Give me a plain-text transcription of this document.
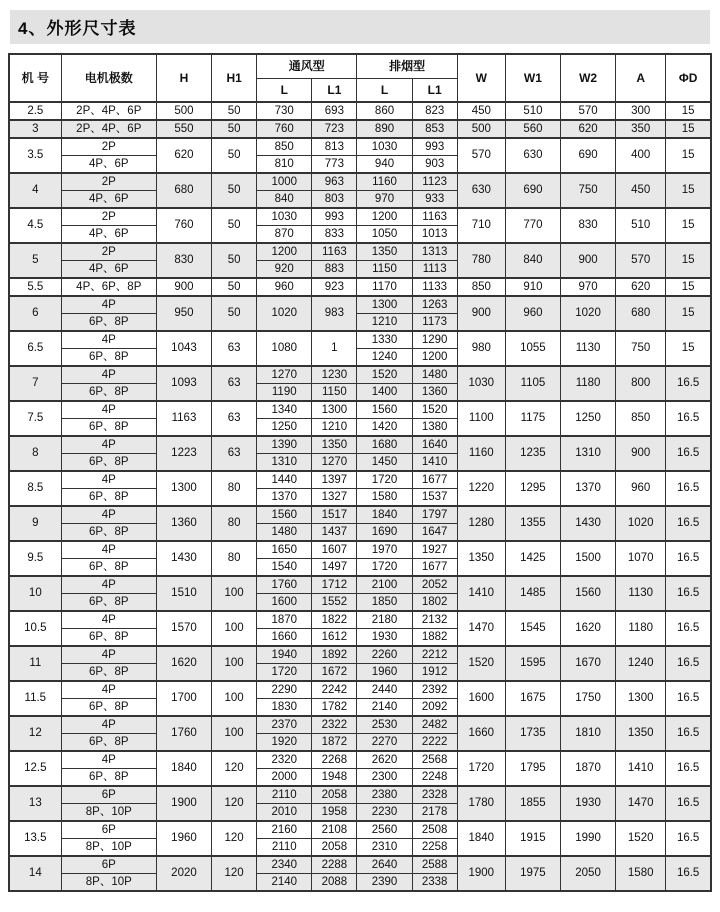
4、外形尺寸表
机 号	电机极数	H	H1	通风型		排烟型		W	W1	W2	A	ΦD
				L	L1	L	L1					
2.5	2P、4P、6P	500	50	730	693	860	823	450	510	570	300	15
3	2P、4P、6P	550	50	760	723	890	853	500	560	620	350	15
3.5	2P	620	50	850	813	1030	993	570	630	690	400	15
	4P、6P			810	773	940	903					
4	2P	680	50	1000	963	1160	1123	630	690	750	450	15
	4P、6P			840	803	970	933					
4.5	2P	760	50	1030	993	1200	1163	710	770	830	510	15
	4P、6P			870	833	1050	1013					
5	2P	830	50	1200	1163	1350	1313	780	840	900	570	15
	4P、6P			920	883	1150	1113					
5.5	4P、6P、8P	900	50	960	923	1170	1133	850	910	970	620	15
6	4P	950	50	1020	983	1300	1263	900	960	1020	680	15
	6P、8P					1210	1173					
6.5	4P	1043	63	1080	1	1330	1290	980	1055	1130	750	15
	6P、8P					1240	1200					
7	4P	1093	63	1270	1230	1520	1480	1030	1105	1180	800	16.5
	6P、8P			1190	1150	1400	1360					
7.5	4P	1163	63	1340	1300	1560	1520	1100	1175	1250	850	16.5
	6P、8P			1250	1210	1420	1380					
8	4P	1223	63	1390	1350	1680	1640	1160	1235	1310	900	16.5
	6P、8P			1310	1270	1450	1410					
8.5	4P	1300	80	1440	1397	1720	1677	1220	1295	1370	960	16.5
	6P、8P			1370	1327	1580	1537					
9	4P	1360	80	1560	1517	1840	1797	1280	1355	1430	1020	16.5
	6P、8P			1480	1437	1690	1647					
9.5	4P	1430	80	1650	1607	1970	1927	1350	1425	1500	1070	16.5
	6P、8P			1540	1497	1720	1677					
10	4P	1510	100	1760	1712	2100	2052	1410	1485	1560	1130	16.5
	6P、8P			1600	1552	1850	1802					
10.5	4P	1570	100	1870	1822	2180	2132	1470	1545	1620	1180	16.5
	6P、8P			1660	1612	1930	1882					
11	4P	1620	100	1940	1892	2260	2212	1520	1595	1670	1240	16.5
	6P、8P			1720	1672	1960	1912					
11.5	4P	1700	100	2290	2242	2440	2392	1600	1675	1750	1300	16.5
	6P、8P			1830	1782	2140	2092					
12	4P	1760	100	2370	2322	2530	2482	1660	1735	1810	1350	16.5
	6P、8P			1920	1872	2270	2222					
12.5	4P	1840	120	2320	2268	2620	2568	1720	1795	1870	1410	16.5
	6P、8P			2000	1948	2300	2248					
13	6P	1900	120	2110	2058	2380	2328	1780	1855	1930	1470	16.5
	8P、10P			2010	1958	2230	2178					
13.5	6P	1960	120	2160	2108	2560	2508	1840	1915	1990	1520	16.5
	8P、10P			2110	2058	2310	2258					
14	6P	2020	120	2340	2288	2640	2588	1900	1975	2050	1580	16.5
	8P、10P			2140	2088	2390	2338					
